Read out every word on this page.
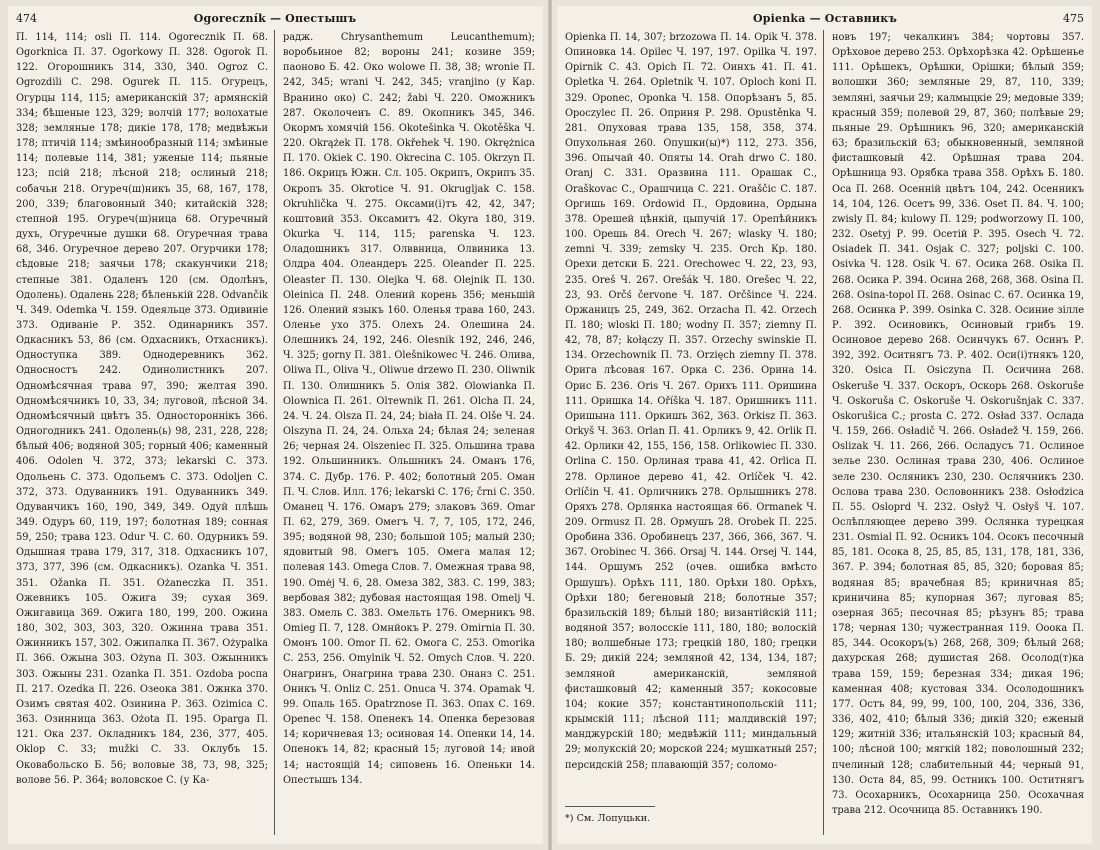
474	Ogoreczník — Опестышъ
П. 114, 114; osli П. 114. Ogoreсznik П. 68. Ogorknica П. 37. Ogorkowy П. 328. Ogorok П. 122. Огорошникъ 314, 330, 340. Ogroz С. Ogrozdili С. 298. Ogurek П. 115. Огурецъ, Огурцы 114, 115; американскій 37; армянскій 334; бѣшеные 123, 329; волчій 177; волохатые 328; земляные 178; дикіе 178, 178; медвѣжьи 178; птичій 114; змѣинообразный 114; змѣиные 114; полевые 114, 381; уженые 114; пьяные 123; псій 218; лѣсной 218; ослиный 218; собачьи 218. Огуреч(ш)никъ 35, 68, 167, 178, 200, 339; благовонный 340; китайскій 328; степной 195. Огуреч(ш)ница 68. Огуречный духъ, Огуречные душки 68. Огуречная трава 68, 346. Огуречное дерево 207. Огурчики 178; сѣдовые 218; заячьи 178; скакунчики 218; степные 381. Одаленъ 120 (см. Одолѣнъ, Одолень). Одалень 228; бѣленькій 228. Odvančik Ч. 349. Odemka Ч. 159. Одеяльце 373. Одивиніе 373. Одиваніе Р. 352. Одинарникъ 357. Одкасникъ 53, 86 (см. Одхасникъ, Отхасникъ). Одноступка 389. Однодеревникъ 362. Односностъ 242. Одинолистникъ 207. Одномѣсячная трава 97, 390; желтая 390. Одномѣсячникъ 10, 33, 34; луговой, лѣсной 34. Одномѣсячный цвѣтъ 35. Одностороннікъ 366. Одногодникъ 241. Одолень(ь) 98, 231, 228, 228; бѣлый 406; водяной 305; горный 406; каменный 406. Odolen Ч. 372, 373; lekarski С. 373. Одольень С. 373. Одольемъ С. 373. Odoljen С. 372, 373. Одуванникъ 191. Одуванникъ 349. Одуванчикъ 160, 190, 349, 349. Одуй плѣшь 349. Одуръ 60, 119, 197; болотная 189; сонная 59, 250; трава 123. Odur Ч. С. 60. Одурникъ 59. Одышная трава 179, 317, 318. Одхасникъ 107, 373, 377, 396 (см. Одкасникъ). Ozanka Ч. 351. 351. Ožanka П. 351. Ożaneczka П. 351. Ожевникъ 105. Ожига 39; сухая 369. Ожигавица 369. Ожига 180, 199, 200. Ожина 180, 302, 303, 303, 320. Ожинна трава 351. Ожинникъ 157, 302. Ожипалка П. 367. Ożypalka П. 366. Ожына 303. Ożyna П. 303. Ожынникъ 303. Ожыны 231. Ozanka П. 351. Ozdoba роспа П. 217. Ozedka П. 226. Озеока 381. Ожнка 370. Озимъ святая 402. Озинина Р. 363. Ozimica С. 363. Озинница 363. Ożota П. 195. Ораrga П. 121. Ока 237. Окладникъ 184, 236, 377, 405. Oklop С. 33; mužki С. 33. Оклубъ 15. Оковабольско Б. 56; воловые 38, 73, 98, 325; волове 56. Р. 364; воловское С. (у Ка-
радж. Chrysanthemum Leucanthemum); воробьиное 82; вороны 241; козине 359; паоново Б. 42. Око wolowe П. 38, 38; wronie П. 242, 345; wrani Ч. 242, 345; vranjino (у Кар. Вранино око) С. 242; žabi Ч. 220. Оможникъ 287. Околочеиъ С. 89. Окопникъ 345, 346. Окормъ хомячій 156. Okotešinka Ч. Okotěška Ч. 220. Okrążek П. 178. Okřehek Ч. 190. Okrężnica П. 170. Okiek С. 190. Okrecina С. 105. Okrzyn П. 186. Окрицъ Южн. Сл. 105. Окрипъ, Окрипъ 35. Окропъ 35. Okrotice Ч. 91. Okrugljak С. 158. Okruhlička Ч. 275. Оксами(і)тъ 42, 42, 347; коштовий 353. Оксамитъ 42. Okyra 180, 319. Okurka Ч. 114, 115; parenska Ч. 123. Оладошникъ 317. Олввница, Олвиника 13. Олдра 404. Олеандеръ 225. Oleander П. 225. Oleaster П. 130. Olejka Ч. 68. Olejnik П. 130. Oleinica П. 248. Олений корень 356; меньшій 126. Олений языкъ 160. Оленья трава 160, 243. Оленье ухо 375. Олехъ 24. Олешина 24. Олешникъ 24, 192, 246. Olesnik 192, 246, 246, Ч. 325; gorny П. 381. Olešnikowec Ч. 246. Олива, Oliwa П., Oliva Ч., Oliwue drzewo П. 230. Oliwnik П. 130. Олишникъ 5. Олія 382. Olowianka П. Olownica П. 261. Olтewnik П. 261. Olcha П. 24, 24. Ч. 24. Olsza П. 24, 24; biała П. 24. Olše Ч. 24. Olszyna П. 24, 24. Ольха 24; бѣлая 24; зеленая 26; черная 24. Olszeniec П. 325. Ольшина трава 192. Ольшинникъ. Ольшникъ 24. Оманъ 176, 374. С. Дубр. 176. Р. 402; болотный 205. Оман П. Ч. Слов. Илл. 176; lekarski С. 176; črni С. 350. Оманец Ч. 176. Омаръ 279; злаковъ 369. Omar П. 62, 279, 369. Омегъ Ч. 7, 7, 105, 172, 246, 395; водяной 98, 230; большой 105; малый 230; ядовитый 98. Омегъ 105. Омега малая 12; полевая 143. Omega Слов. 7. Омежная трава 98, 190. Omėj Ч. 6, 28. Омеза 382, 383. С. 199, 383; вербовая 382; дубовая настоящая 198. Omelj Ч. 383. Омель С. 383. Омельть 176. Омерникъ 98. Omieg П. 7, 128. Омнйокъ Р. 279. Omirnia П. 30. Омонъ 100. Omor П. 62. Омога С. 253. Omorika С. 253, 256. Omylnik Ч. 52. Omych Слов. Ч. 220. Онагринъ, Онагрина трава 230. Онанз С. 251. Оникъ Ч. Onliz С. 251. Onuca Ч. 374. Ораmak Ч. 99. Опаль 165. Opatrznose П. 363. Опах С. 169. Openec Ч. 158. Опенекъ 14. Опенка березовая 14; коричневая 13; осиновая 14. Опенки 14, 14. Опенокъ 14, 82; красный 15; луговой 14; ивой 14; настоящій 14; сиповень 16. Опеньки 14. Опестышъ 134.
Opienka — Оставникъ	475
Opienka П. 14, 307; brzozowa П. 14. Opik Ч. 378. Опиновка 14. Opilec Ч. 197, 197. Opilka Ч. 197. Opirnik С. 43. Opich П. 72. Оинхъ 41. П. 41. Opletka Ч. 264. Opletnik Ч. 107. Oploch koni П. 329. Oponec, Oponka Ч. 158. Опорѣзанъ 5, 85. Opoczylec П. 26. Оприня Р. 298. Opustěnka Ч. 281. Опуховая трава 135, 158, 358, 374. Опухольная 260. Опушки(ы)*) 112, 273. 356, 396. Опычай 40. Опяты 14. Orah drwo С. 180. Oranj С. 331. Оразвина 111. Орашак С., Oraškovac С., Орашчица С. 221. Oraščic С. 187. Оргишь 169. Ordowid П., Ордовина, Ордына 378. Орешей цѣнкій, цыпучій 17. Орепѣйникъ 100. Орешь 84. Orech Ч. 267; wlasky Ч. 180; zemni Ч. 339; zemsky Ч. 235. Orch Кр. 180. Орехи детски Б. 221. Orechowec Ч. 22, 23, 93, 235. Oreš Ч. 267. Orešák Ч. 180. Orešec Ч. 22, 23, 93. Orčś červone Ч. 187. Orčšince Ч. 224. Оржаницъ 25, 249, 362. Orzacha П. 42. Orzech П. 180; wloski П. 180; wodny П. 357; ziemny П. 42, 78, 87; kołączy П. 357. Orzechy swinskie П. 134. Orzechownik П. 73. Orzięch ziemny П. 378. Орига лѣсовая 167. Орка С. 236. Орина 14. Ориc Б. 236. Oris Ч. 267. Орихъ 111. Оришина 111. Оришка 14. Oříška Ч. 187. Оришникъ 111. Оришына 111. Оркишъ 362, 363. Orkisz П. 363. Orkyš Ч. 363. Orlan П. 41. Орликъ 9, 42. Orlik П. 42. Орлики 42, 155, 156, 158. Orlikowiec П. 330. Orlina С. 150. Орлиная трава 41, 42. Orlica П. 278. Орлиное дерево 41, 42. Orlíček Ч. 42. Orlíčin Ч. 41. Орличникъ 278. Орлышникъ 278. Оряхъ 278. Орлянка настоящая 66. Ormanek Ч. 209. Ormusz П. 28. Ормушъ 28. Orobek П. 225. Оробина 336. Оробинецъ 237, 366, 366, 367. Ч. 367. Orobinec Ч. 366. Orsaj Ч. 144. Orsej Ч. 144, 144. Оршумъ 252 (очев. ошибка вмѣсто Оршушъ). Орѣхъ 111, 180. Орѣхи 180. Орѣхъ, Орѣхи 180; бегеновый 218; болотные 357; бразильскій 189; бѣлый 180; византійскій 111; водяной 357; волосскіе 111, 180, 180; волоскій 180; волшебные 173; грецкій 180, 180; грецки Б. 29; дикій 224; земляной 42, 134, 134, 187; земляной американскій, земляной фисташковый 42; каменный 357; кокосовые 104; кокие 357; константинопольскій 111; крымскій 111; лѣсной 111; малдивскій 197; манджурскій 180; медвѣжій 111; миндальный 29; молукскій 20; морской 224; мушкатный 257; персидскій 258; плавающій 357; соломо-
*) См. Лопуцьки.
новъ 197; чекалкинъ 384; чортовы 357. Орѣховое дерево 253. Орѣхорѣзка 42. Орѣшенье 111. Орѣшекъ, Орѣшки, Орішки; бѣлый 359; волошки 360; земляные 29, 87, 110, 339; земляні, заячьи 29; калмыцкіе 29; медовые 339; красный 359; полевой 29, 87, 360; полѣвые 29; пьяные 29. Орѣшникъ 96, 320; американскій 63; бразильскій 63; обыкновенный, земляной фисташковый 42. Орѣшная трава 204. Орѣшница 93. Орябка трава 358. Орѣхъ Б. 180. Оса П. 268. Осенній цвѣтъ 104, 242. Осенникъ 14, 104, 126. Осетъ 99, 336. Oset П. 84. Ч. 100; zwisly П. 84; kulowy П. 129; podworzowy П. 100, 232. Osetyj Р. 99. Осетій Р. 395. Osech Ч. 72. Osiadek П. 341. Osjak С. 327; poljski С. 100. Osivka Ч. 128. Osik Ч. 67. Осика 268. Osika П. 268. Осика Р. 394. Осина 268, 268, 368. Osina П. 268. Osina-topol П. 268. Osinac С. 67. Осинка 19, 268. Осинка Р. 399. Osinka С. 328. Осиние зілле Р. 392. Осиновикъ, Осиновый грибъ 19. Осиновое дерево 268. Осинчукъ 67. Осинъ Р. 392, 392. Оситнягъ 73. Р. 402. Оси(і)тнякъ 120, 320. Osica П. Osiczyna П. Осичина 268. Oskeruše Ч. 337. Оскоръ, Оскорь 268. Oskoruše Ч. Oskoruša С. Oskoruše Ч. Oskorušnjak С. 337. Oskorušica С.; prosta С. 272. Osład 337. Ослада Ч. 159, 266. Osładič Ч. 266. Osładež Ч. 159, 266. Oslizak Ч. 11. 266, 266. Осладусъ 71. Ослиное зелье 230. Ослиная трава 230, 406. Ослиное зеле 230. Осляникъ 230, 230. Ослячникъ 230. Ослова трава 230. Ословонникъ 238. Osłodzica П. 55. Osloprd Ч. 232. Osłyž Ч. Osłyš Ч. 107. Ослѣпляющее дерево 399. Ослянка турецкая 231. Osmial П. 92. Осникъ 104. Осокъ песочный 85, 181. Осока 8, 25, 85, 85, 131, 178, 181, 336, 367. Р. 394; болотная 85, 85, 320; боровая 85; водяная 85; врачебная 85; криничная 85; криничина 85; купорная 367; луговая 85; озерная 365; песочная 85; рѣзунъ 85; трава 178; черная 130; чужестранная 119. Ооока П. 85, 344. Осокоръ(ъ) 268, 268, 309; бѣлый 268; дахурская 268; душистая 268. Осолод(т)ка трава 159, 159; березная 334; дикая 196; каменная 408; кустовая 334. Осолодошникъ 177. Остъ 84, 99, 99, 100, 100, 204, 336, 336, 336, 402, 410; бѣлый 336; дикій 320; еженый 129; житній 336; итальянскій 103; красный 84, 100; лѣсной 100; мягкій 182; поволошный 232; пчелиный 128; слабительный 44; черный 91, 130. Оста 84, 85, 99. Остникъ 100. Оститнягъ 73. Осохарникъ, Осохарница 250. Осохачная трава 212. Осочница 85. Оставникъ 190.
